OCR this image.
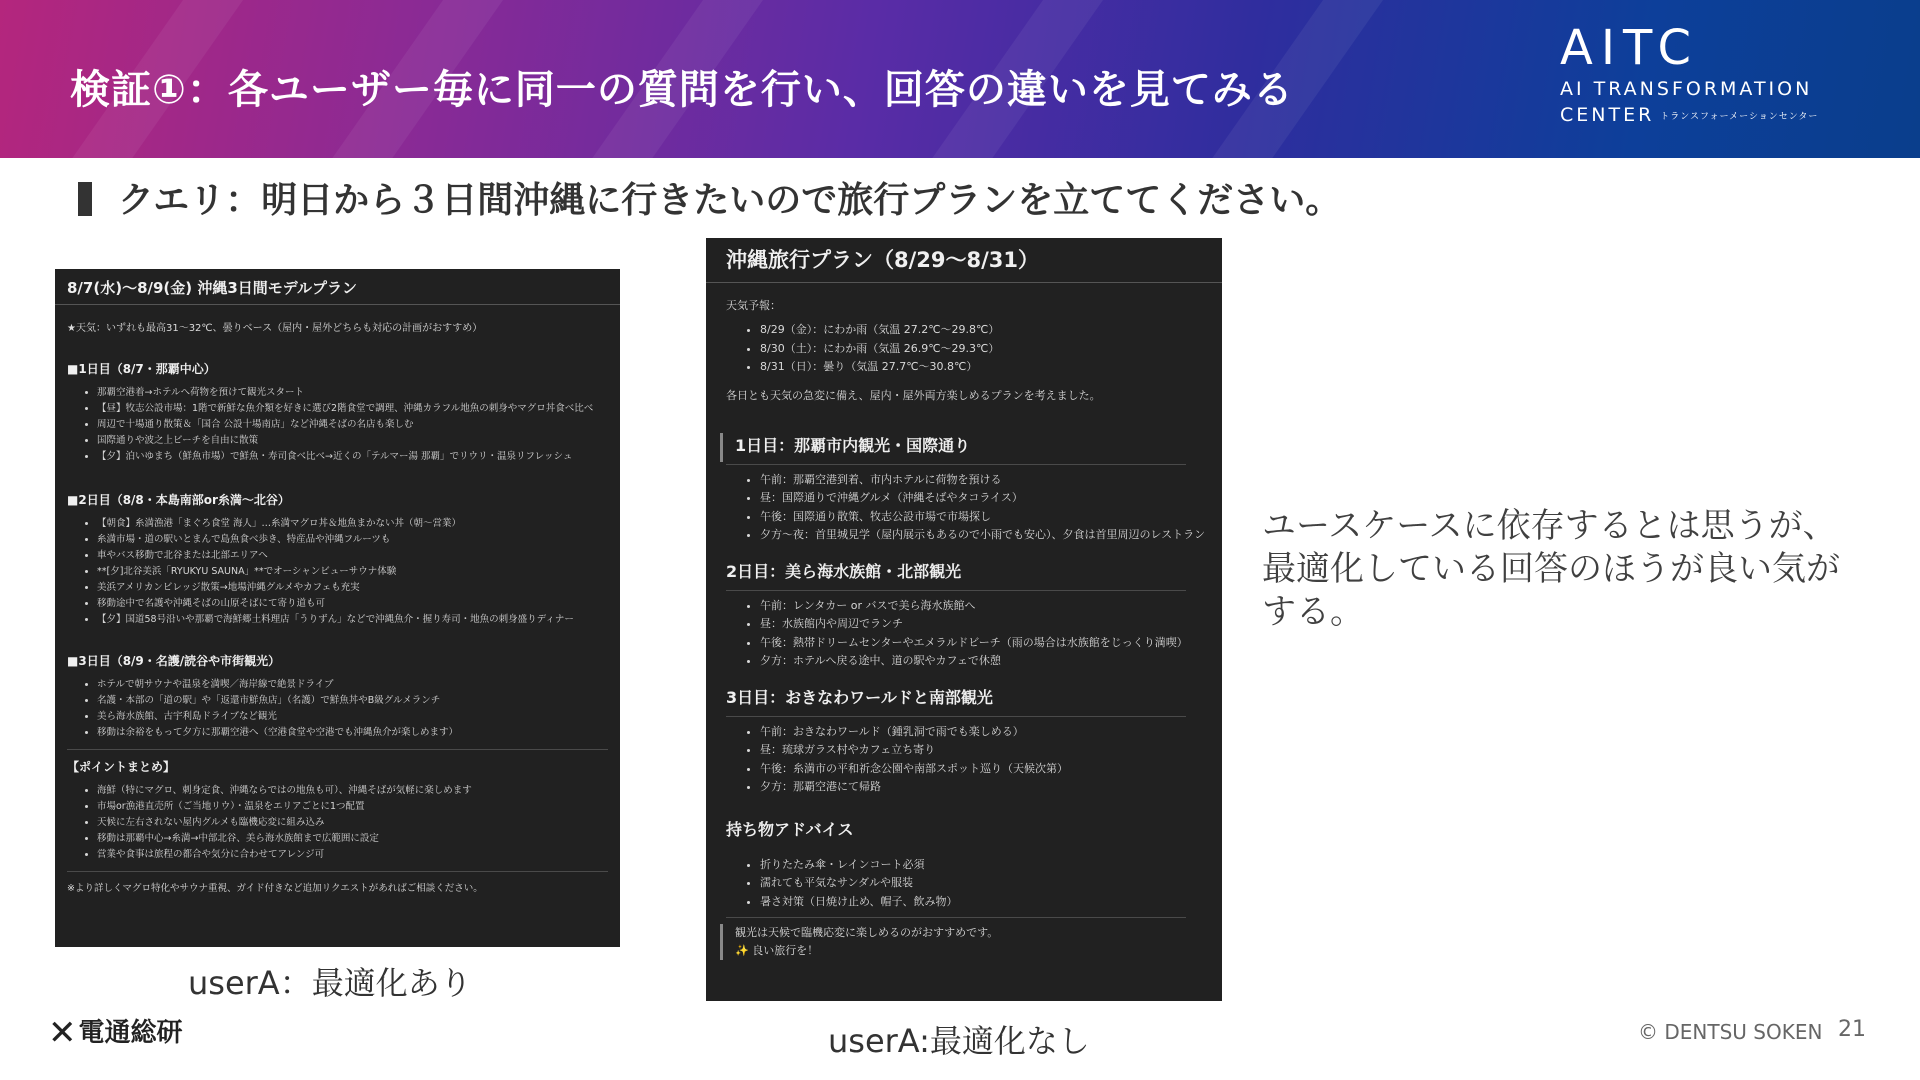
検証①：各ユーザー毎に同一の質問を行い、回答の違いを見てみる
AITC
AI TRANSFORMATION
CENTER トランスフォーメーションセンター
クエリ：明日から３日間沖縄に行きたいので旅行プランを立ててください。
8/7(水)〜8/9(金) 沖縄3日間モデルプラン
★天気：いずれも最高31〜32℃、曇りベース（屋内・屋外どちらも対応の計画がおすすめ）
■1日目（8/7・那覇中心）
• 那覇空港着→ホテルへ荷物を預けて観光スタート
• 【昼】牧志公設市場：1階で新鮮な魚介類を好きに選び2階食堂で調理、沖縄カラフル地魚の刺身やマグロ丼食べ比べ
• 周辺で十場通り散策＆「国合 公設十場南店」など沖縄そばの名店も楽しむ
• 国際通りや波之上ビーチを自由に散策
• 【夕】泊いゆまち（鮮魚市場）で鮮魚・寿司食べ比べ→近くの「テルマー湯 那覇」でリウリ・温泉リフレッシュ
■2日目（8/8・本島南部or糸満〜北谷）
• 【朝食】糸満漁港「まぐろ食堂 海人」…糸満マグロ丼＆地魚まかない丼（朝〜営業）
• 糸満市場・道の駅いとまんで島魚食べ歩き、特産品や沖縄フルーツも
• 車やバス移動で北谷または北部エリアへ
• **[夕]北谷美浜「RYUKYU SAUNA」**でオーシャンビューサウナ体験
• 美浜アメリカンビレッジ散策→地場沖縄グルメやカフェも充実
• 移動途中で名護や沖縄そばの山原そばにて寄り道も可
• 【夕】国道58号沿いや那覇で海鮮郷土料理店「うりずん」などで沖縄魚介・握り寿司・地魚の刺身盛りディナー
■3日目（8/9・名護/読谷や市街観光）
• ホテルで朝サウナや温泉を満喫／海岸線で絶景ドライブ
• 名護・本部の「道の駅」や「返還市鮮魚店」（名護）で鮮魚丼やB級グルメランチ
• 美ら海水族館、古宇利島ドライブなど観光
• 移動は余裕をもって夕方に那覇空港へ（空港食堂や空港でも沖縄魚介が楽しめます）
【ポイントまとめ】
• 海鮮（特にマグロ、刺身定食、沖縄ならではの地魚も可）、沖縄そばが気軽に楽しめます
• 市場or漁港直売所（ご当地リウ）・温泉をエリアごとに1つ配置
• 天候に左右されない屋内グルメも臨機応変に組み込み
• 移動は那覇中心→糸満→中部北谷、美ら海水族館まで広範囲に設定
• 営業や食事は旅程の都合や気分に合わせてアレンジ可
※より詳しくマグロ特化やサウナ重視、ガイド付きなど追加リクエストがあればご相談ください。
沖縄旅行プラン（8/29〜8/31）
天気予報：
• 8/29（金）：にわか雨（気温 27.2℃〜29.8℃）
• 8/30（土）：にわか雨（気温 26.9℃〜29.3℃）
• 8/31（日）：曇り（気温 27.7℃〜30.8℃）
各日とも天気の急変に備え、屋内・屋外両方楽しめるプランを考えました。
1日目：那覇市内観光・国際通り
• 午前：那覇空港到着、市内ホテルに荷物を預ける
• 昼：国際通りで沖縄グルメ（沖縄そばやタコライス）
• 午後：国際通り散策、牧志公設市場で市場探し
• 夕方〜夜：首里城見学（屋内展示もあるので小雨でも安心）、夕食は首里周辺のレストラン
2日目：美ら海水族館・北部観光
• 午前：レンタカー or バスで美ら海水族館へ
• 昼：水族館内や周辺でランチ
• 午後：熱帯ドリームセンターやエメラルドビーチ（雨の場合は水族館をじっくり満喫）
• 夕方：ホテルへ戻る途中、道の駅やカフェで休憩
3日目：おきなわワールドと南部観光
• 午前：おきなわワールド（鍾乳洞で雨でも楽しめる）
• 昼：琉球ガラス村やカフェ立ち寄り
• 午後：糸満市の平和祈念公園や南部スポット巡り（天候次第）
• 夕方：那覇空港にて帰路
持ち物アドバイス
• 折りたたみ傘・レインコート必須
• 濡れても平気なサンダルや服装
• 暑さ対策（日焼け止め、帽子、飲み物）
観光は天候で臨機応変に楽しめるのがおすすめです。
✨ 良い旅行を！
ユースケースに依存するとは思うが、最適化している回答のほうが良い気がする。
userA：最適化あり
userA:最適化なし
✕電通総研	© DENTSU SOKEN 21
